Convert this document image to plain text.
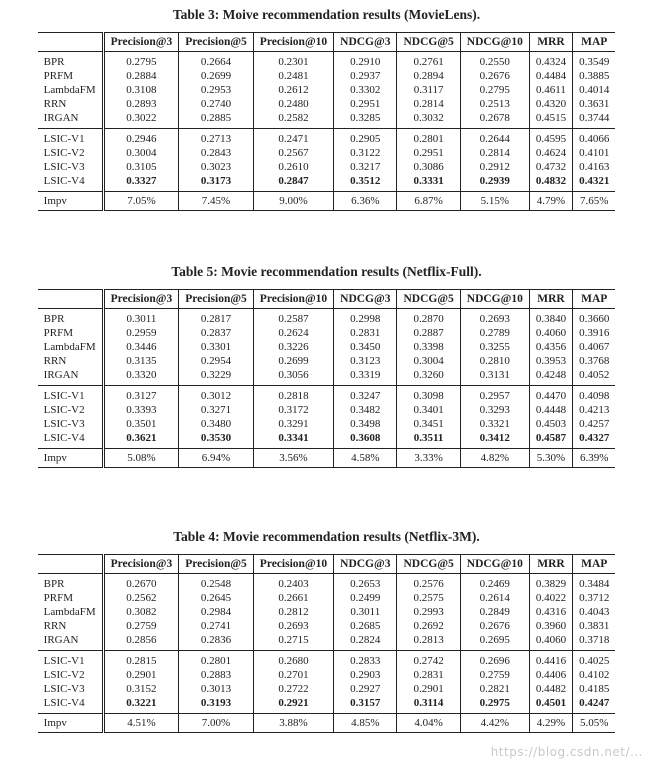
Table 3: Moive recommendation results (MovieLens).
	Precision@3	Precision@5	Precision@10	NDCG@3	NDCG@5	NDCG@10	MRR	MAP
BPR	0.2795	0.2664	0.2301	0.2910	0.2761	0.2550	0.4324	0.3549
PRFM	0.2884	0.2699	0.2481	0.2937	0.2894	0.2676	0.4484	0.3885
LambdaFM	0.3108	0.2953	0.2612	0.3302	0.3117	0.2795	0.4611	0.4014
RRN	0.2893	0.2740	0.2480	0.2951	0.2814	0.2513	0.4320	0.3631
IRGAN	0.3022	0.2885	0.2582	0.3285	0.3032	0.2678	0.4515	0.3744
LSIC-V1	0.2946	0.2713	0.2471	0.2905	0.2801	0.2644	0.4595	0.4066
LSIC-V2	0.3004	0.2843	0.2567	0.3122	0.2951	0.2814	0.4624	0.4101
LSIC-V3	0.3105	0.3023	0.2610	0.3217	0.3086	0.2912	0.4732	0.4163
LSIC-V4	0.3327	0.3173	0.2847	0.3512	0.3331	0.2939	0.4832	0.4321
Impv	7.05%	7.45%	9.00%	6.36%	6.87%	5.15%	4.79%	7.65%
Table 5: Movie recommendation results (Netflix-Full).
	Precision@3	Precision@5	Precision@10	NDCG@3	NDCG@5	NDCG@10	MRR	MAP
BPR	0.3011	0.2817	0.2587	0.2998	0.2870	0.2693	0.3840	0.3660
PRFM	0.2959	0.2837	0.2624	0.2831	0.2887	0.2789	0.4060	0.3916
LambdaFM	0.3446	0.3301	0.3226	0.3450	0.3398	0.3255	0.4356	0.4067
RRN	0.3135	0.2954	0.2699	0.3123	0.3004	0.2810	0.3953	0.3768
IRGAN	0.3320	0.3229	0.3056	0.3319	0.3260	0.3131	0.4248	0.4052
LSIC-V1	0.3127	0.3012	0.2818	0.3247	0.3098	0.2957	0.4470	0.4098
LSIC-V2	0.3393	0.3271	0.3172	0.3482	0.3401	0.3293	0.4448	0.4213
LSIC-V3	0.3501	0.3480	0.3291	0.3498	0.3451	0.3321	0.4503	0.4257
LSIC-V4	0.3621	0.3530	0.3341	0.3608	0.3511	0.3412	0.4587	0.4327
Impv	5.08%	6.94%	3.56%	4.58%	3.33%	4.82%	5.30%	6.39%
Table 4: Movie recommendation results (Netflix-3M).
	Precision@3	Precision@5	Precision@10	NDCG@3	NDCG@5	NDCG@10	MRR	MAP
BPR	0.2670	0.2548	0.2403	0.2653	0.2576	0.2469	0.3829	0.3484
PRFM	0.2562	0.2645	0.2661	0.2499	0.2575	0.2614	0.4022	0.3712
LambdaFM	0.3082	0.2984	0.2812	0.3011	0.2993	0.2849	0.4316	0.4043
RRN	0.2759	0.2741	0.2693	0.2685	0.2692	0.2676	0.3960	0.3831
IRGAN	0.2856	0.2836	0.2715	0.2824	0.2813	0.2695	0.4060	0.3718
LSIC-V1	0.2815	0.2801	0.2680	0.2833	0.2742	0.2696	0.4416	0.4025
LSIC-V2	0.2901	0.2883	0.2701	0.2903	0.2831	0.2759	0.4406	0.4102
LSIC-V3	0.3152	0.3013	0.2722	0.2927	0.2901	0.2821	0.4482	0.4185
LSIC-V4	0.3221	0.3193	0.2921	0.3157	0.3114	0.2975	0.4501	0.4247
Impv	4.51%	7.00%	3.88%	4.85%	4.04%	4.42%	4.29%	5.05%
https://blog.csdn.net/...
